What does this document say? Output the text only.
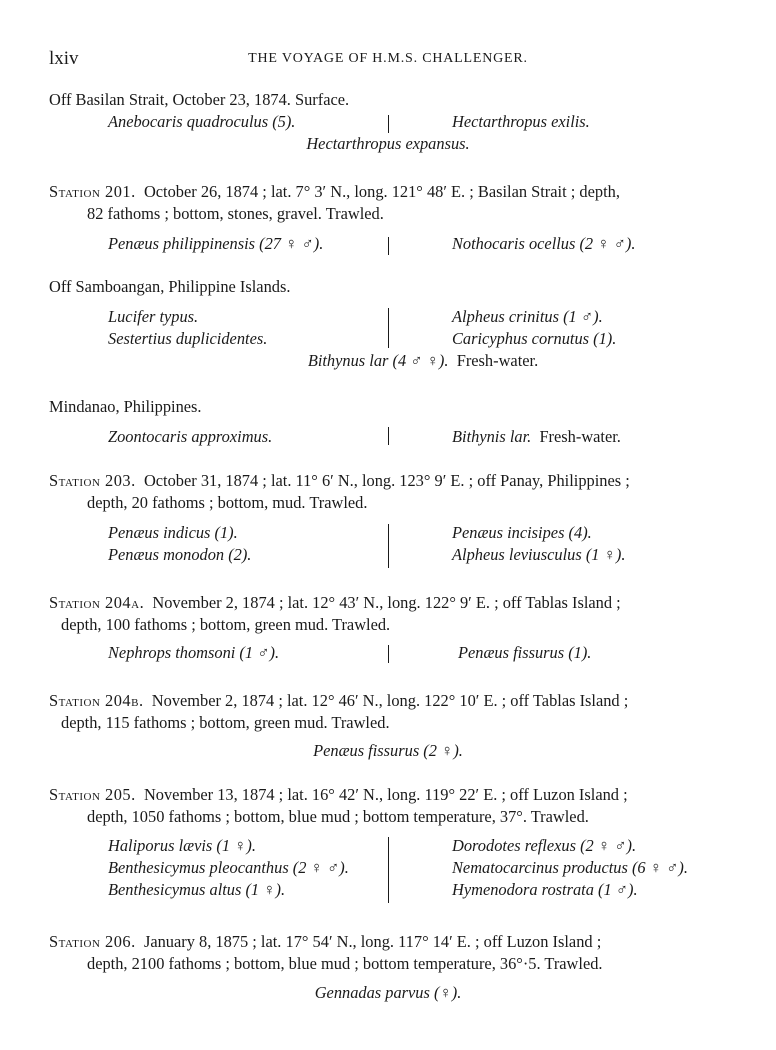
lxiv	THE VOYAGE OF H.M.S. CHALLENGER.
Off Basilan Strait, October 23, 1874. Surface.
Anebocaris quadroculus (5).	Hectarthropus exilis.
Hectarthropus expansus.
Station 201. October 26, 1874 ; lat. 7° 3′ N., long. 121° 48′ E. ; Basilan Strait ; depth,
82 fathoms ; bottom, stones, gravel. Trawled.
Penæus philippinensis (27 ♀ ♂).	Nothocaris ocellus (2 ♀ ♂).
Off Samboangan, Philippine Islands.
Lucifer typus.	Alpheus crinitus (1 ♂).
Sestertius duplicidentes.	Caricyphus cornutus (1).
Bithynus lar (4 ♂ ♀). Fresh-water.
Mindanao, Philippines.
Zoontocaris approximus.	Bithynis lar. Fresh-water.
Station 203. October 31, 1874 ; lat. 11° 6′ N., long. 123° 9′ E. ; off Panay, Philippines ;
depth, 20 fathoms ; bottom, mud. Trawled.
Penæus indicus (1).	Penæus incisipes (4).
Penæus monodon (2).	Alpheus leviusculus (1 ♀).
Station 204a. November 2, 1874 ; lat. 12° 43′ N., long. 122° 9′ E. ; off Tablas Island ;
depth, 100 fathoms ; bottom, green mud. Trawled.
Nephrops thomsoni (1 ♂).	Penæus fissurus (1).
Station 204b. November 2, 1874 ; lat. 12° 46′ N., long. 122° 10′ E. ; off Tablas Island ;
depth, 115 fathoms ; bottom, green mud. Trawled.
Penæus fissurus (2 ♀).
Station 205. November 13, 1874 ; lat. 16° 42′ N., long. 119° 22′ E. ; off Luzon Island ;
depth, 1050 fathoms ; bottom, blue mud ; bottom temperature, 37°. Trawled.
Haliporus lævis (1 ♀).	Dorodotes reflexus (2 ♀ ♂).
Benthesicymus pleocanthus (2 ♀ ♂).	Nematocarcinus productus (6 ♀ ♂).
Benthesicymus altus (1 ♀).	Hymenodora rostrata (1 ♂).
Station 206. January 8, 1875 ; lat. 17° 54′ N., long. 117° 14′ E. ; off Luzon Island ;
depth, 2100 fathoms ; bottom, blue mud ; bottom temperature, 36°·5. Trawled.
Gennadas parvus (♀).
